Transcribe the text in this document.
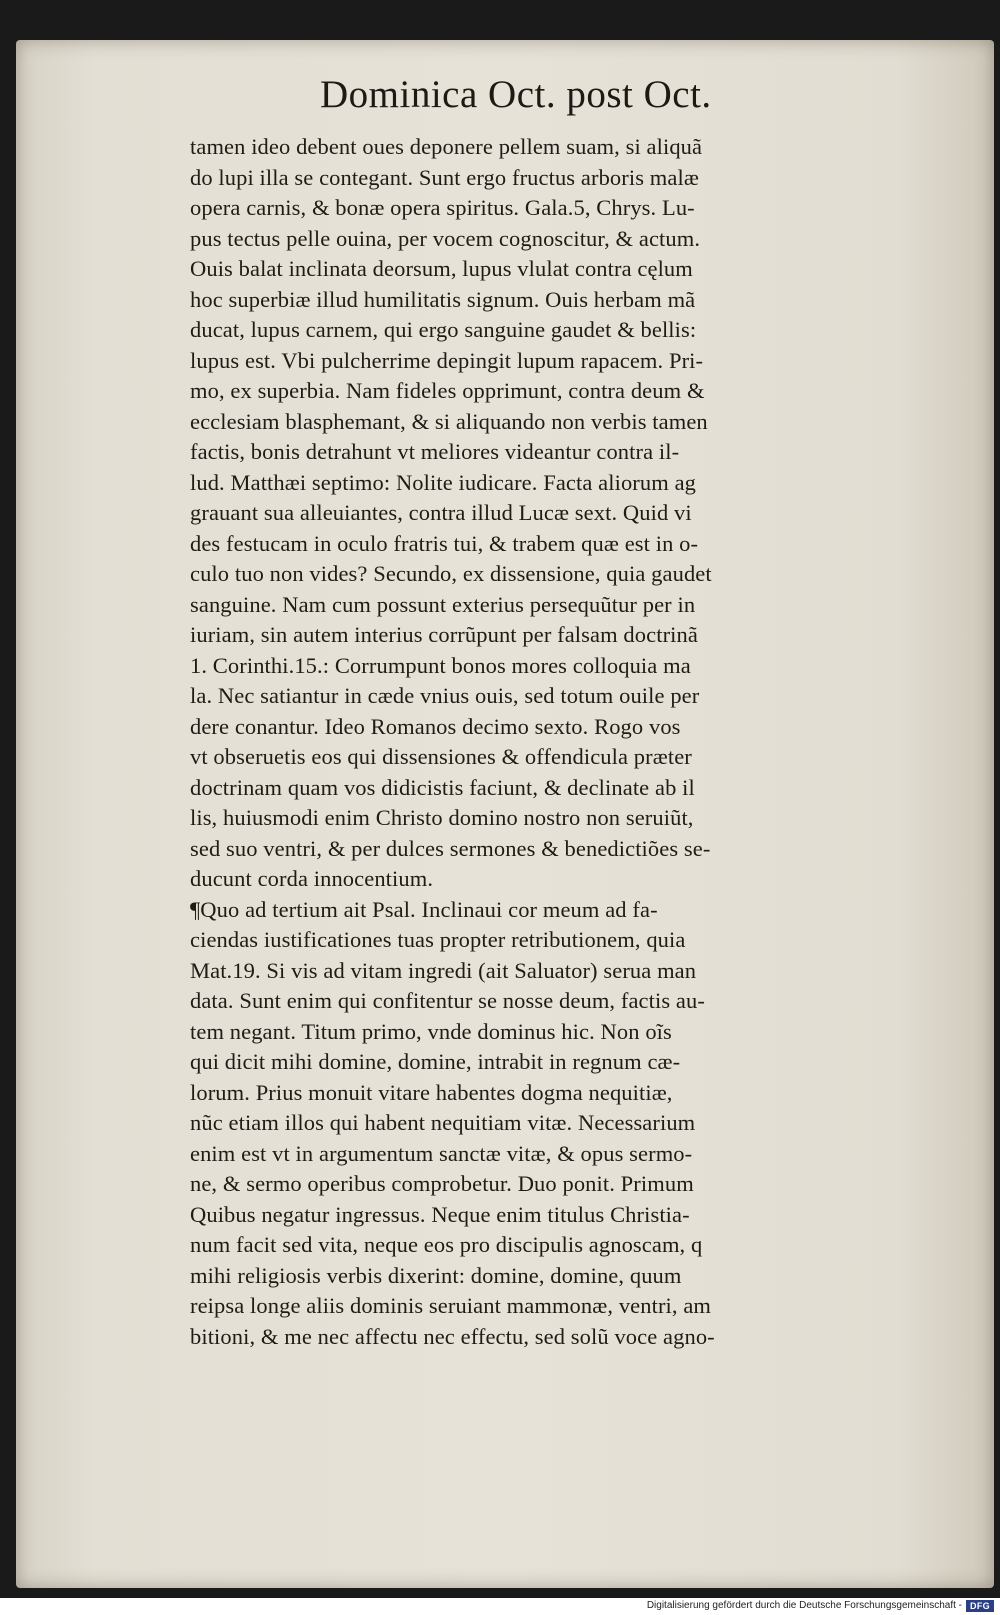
Dominica Oct. post Oct.
tamen ideo debent oues deponere pellem suam, si aliquã
do lupi illa se contegant. Sunt ergo fructus arboris malæ
opera carnis, & bonæ opera spiritus. Gala.5, Chrys. Lu-
pus tectus pelle ouina, per vocem cognoscitur, & actum.
Ouis balat inclinata deorsum, lupus vlulat contra cęlum
hoc superbiæ illud humilitatis signum. Ouis herbam mã
ducat, lupus carnem, qui ergo sanguine gaudet & bellis:
lupus est. Vbi pulcherrime depingit lupum rapacem. Pri-
mo, ex superbia. Nam fideles opprimunt, contra deum &
ecclesiam blasphemant, & si aliquando non verbis tamen
factis, bonis detrahunt vt meliores videantur contra il-
lud. Matthæi septimo: Nolite iudicare. Facta aliorum ag
grauant sua alleuiantes, contra illud Lucæ sext. Quid vi
des festucam in oculo fratris tui, & trabem quæ est in o-
culo tuo non vides? Secundo, ex dissensione, quia gaudet
sanguine. Nam cum possunt exterius persequũtur per in
iuriam, sin autem interius corrũpunt per falsam doctrinã
1. Corinthi.15.: Corrumpunt bonos mores colloquia ma
la. Nec satiantur in cæde vnius ouis, sed totum ouile per
dere conantur. Ideo Romanos decimo sexto. Rogo vos
vt obseruetis eos qui dissensiones & offendicula præter
doctrinam quam vos didicistis faciunt, & declinate ab il
lis, huiusmodi enim Christo domino nostro non seruiũt,
sed suo ventri, & per dulces sermones & benedictiões se-
ducunt corda innocentium.
¶Quo ad tertium ait Psal. Inclinaui cor meum ad fa-
ciendas iustificationes tuas propter retributionem, quia
Mat.19. Si vis ad vitam ingredi (ait Saluator) serua man
data. Sunt enim qui confitentur se nosse deum, factis au-
tem negant. Titum primo, vnde dominus hic. Non oĩs
qui dicit mihi domine, domine, intrabit in regnum cæ-
lorum. Prius monuit vitare habentes dogma nequitiæ,
nũc etiam illos qui habent nequitiam vitæ. Necessarium
enim est vt in argumentum sanctæ vitæ, & opus sermo-
ne, & sermo operibus comprobetur. Duo ponit. Primum
Quibus negatur ingressus. Neque enim titulus Christia-
num facit sed vita, neque eos pro discipulis agnoscam, q
mihi religiosis verbis dixerint: domine, domine, quum
reipsa longe aliis dominis seruiant mammonæ, ventri, am
bitioni, & me nec affectu nec effectu, sed solũ voce agno-
Digitalisierung gefördert durch die Deutsche Forschungsgemeinschaft - DFG
